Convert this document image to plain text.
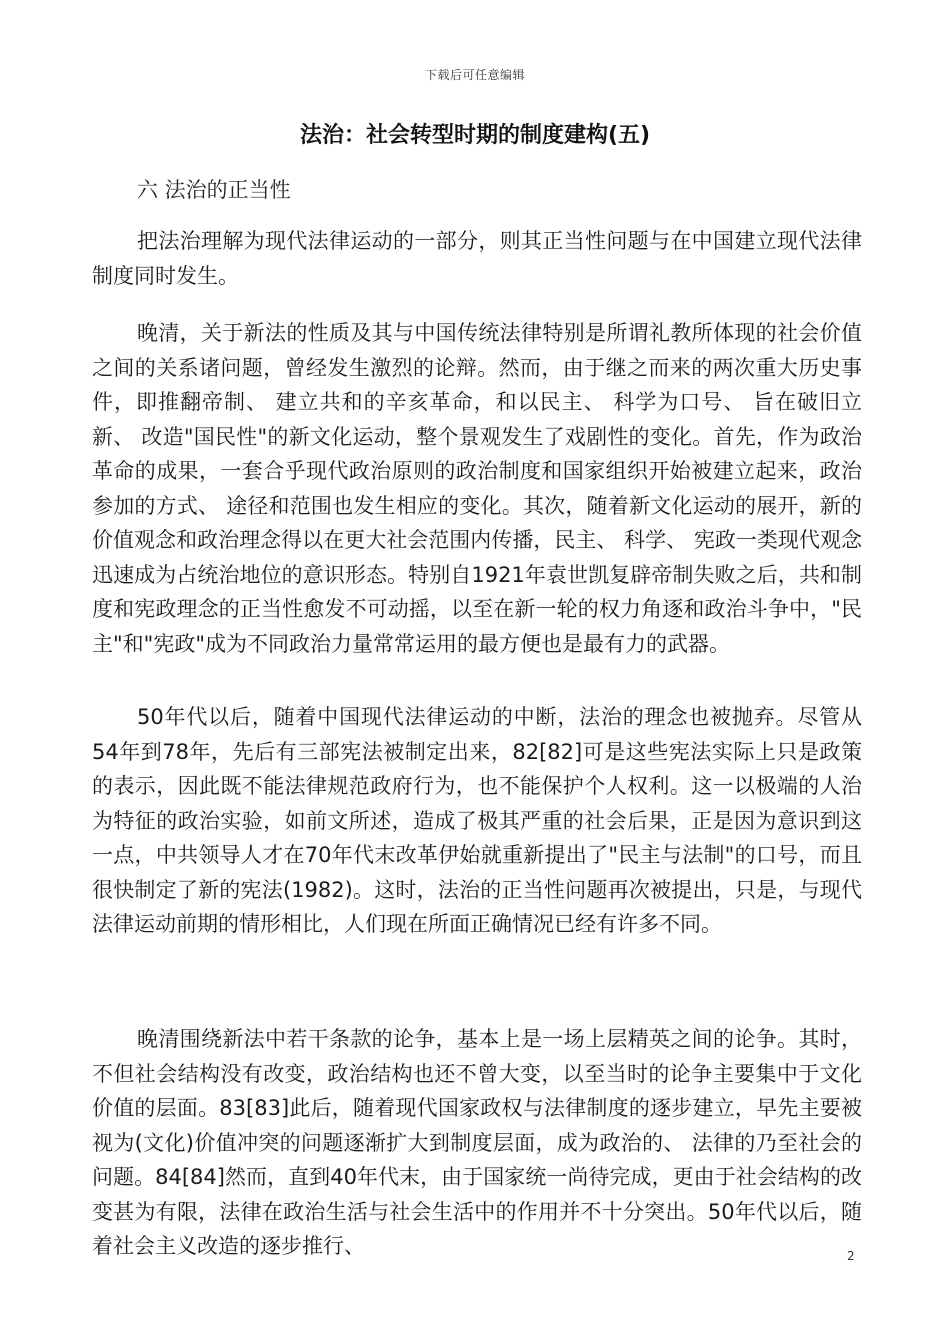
下载后可任意编辑
法治：社会转型时期的制度建构(五)
六 法治的正当性

把法治理解为现代法律运动的一部分，则其正当性问题与在中国建立现代法律制度同时发生。

晚清，关于新法的性质及其与中国传统法律特别是所谓礼教所体现的社会价值之间的关系诸问题，曾经发生激烈的论辩。然而，由于继之而来的两次重大历史事件，即推翻帝制、 建立共和的辛亥革命，和以民主、 科学为口号、 旨在破旧立新、 改造"国民性"的新文化运动，整个景观发生了戏剧性的变化。首先，作为政治革命的成果，一套合乎现代政治原则的政治制度和国家组织开始被建立起来，政治参加的方式、 途径和范围也发生相应的变化。其次，随着新文化运动的展开，新的价值观念和政治理念得以在更大社会范围内传播，民主、 科学、 宪政一类现代观念迅速成为占统治地位的意识形态。特别自1921年袁世凯复辟帝制失败之后，共和制度和宪政理念的正当性愈发不可动摇，以至在新一轮的权力角逐和政治斗争中，"民主"和"宪政"成为不同政治力量常常运用的最方便也是最有力的武器。

50年代以后，随着中国现代法律运动的中断，法治的理念也被抛弃。尽管从54年到78年，先后有三部宪法被制定出来，82[82]可是这些宪法实际上只是政策的表示，因此既不能法律规范政府行为，也不能保护个人权利。这一以极端的人治为特征的政治实验，如前文所述，造成了极其严重的社会后果，正是因为意识到这一点，中共领导人才在70年代末改革伊始就重新提出了"民主与法制"的口号，而且很快制定了新的宪法(1982)。这时，法治的正当性问题再次被提出，只是，与现代法律运动前期的情形相比，人们现在所面正确情况已经有许多不同。

晚清围绕新法中若干条款的论争，基本上是一场上层精英之间的论争。其时，不但社会结构没有改变，政治结构也还不曾大变，以至当时的论争主要集中于文化价值的层面。83[83]此后，随着现代国家政权与法律制度的逐步建立，早先主要被视为(文化)价值冲突的问题逐渐扩大到制度层面，成为政治的、 法律的乃至社会的问题。84[84]然而，直到40年代末，由于国家统一尚待完成，更由于社会结构的改变甚为有限，法律在政治生活与社会生活中的作用并不十分突出。50年代以后，随着社会主义改造的逐步推行、	2
